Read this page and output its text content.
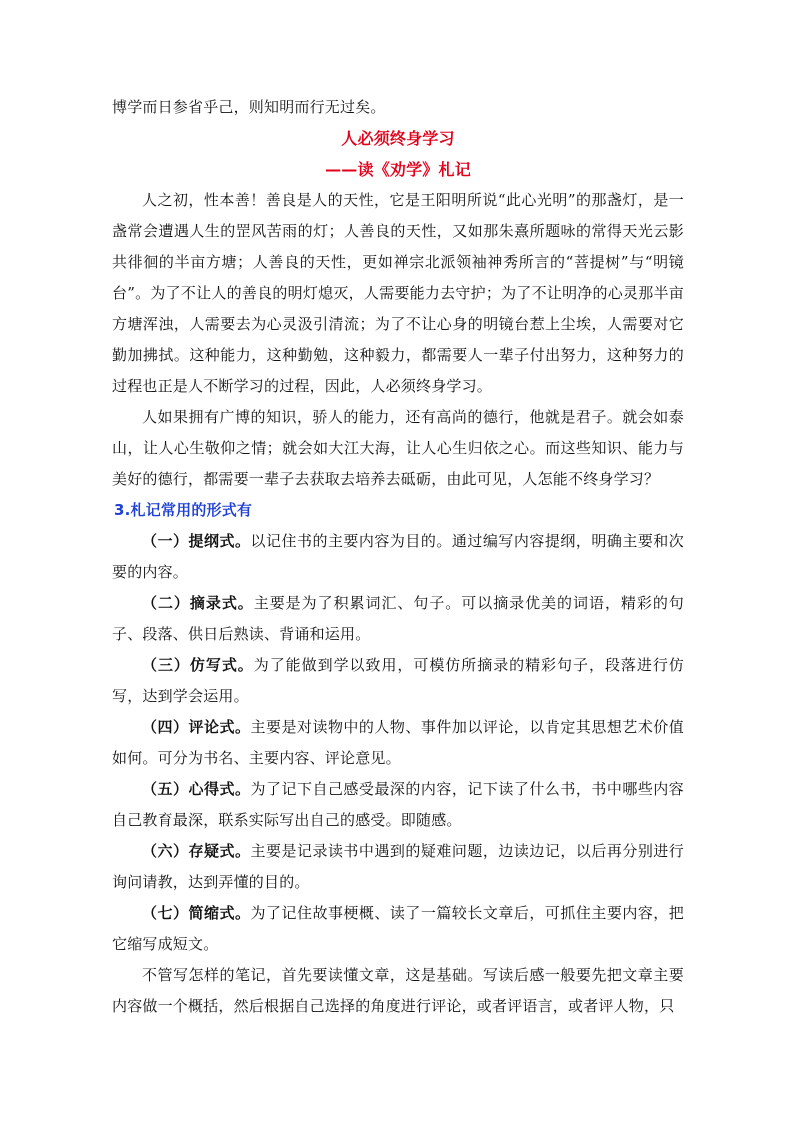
博学而日参省乎己，则知明而行无过矣。

人必须终身学习

——读《劝学》札记

人之初，性本善！善良是人的天性，它是王阳明所说“此心光明”的那盏灯，是一盏常会遭遇人生的罡风苦雨的灯；人善良的天性，又如那朱熹所题咏的常得天光云影共徘徊的半亩方塘；人善良的天性，更如禅宗北派领袖神秀所言的“菩提树”与“明镜台”。为了不让人的善良的明灯熄灭，人需要能力去守护；为了不让明净的心灵那半亩方塘浑浊，人需要去为心灵汲引清流；为了不让心身的明镜台惹上尘埃，人需要对它勤加拂拭。这种能力，这种勤勉，这种毅力，都需要人一辈子付出努力，这种努力的过程也正是人不断学习的过程，因此，人必须终身学习。

人如果拥有广博的知识，骄人的能力，还有高尚的德行，他就是君子。就会如泰山，让人心生敬仰之情；就会如大江大海，让人心生归依之心。而这些知识、能力与美好的德行，都需要一辈子去获取去培养去砥砺，由此可见，人怎能不终身学习？

3.札记常用的形式有

（一）提纲式。以记住书的主要内容为目的。通过编写内容提纲，明确主要和次要的内容。

（二）摘录式。主要是为了积累词汇、句子。可以摘录优美的词语，精彩的句子、段落、供日后熟读、背诵和运用。

（三）仿写式。为了能做到学以致用，可模仿所摘录的精彩句子，段落进行仿写，达到学会运用。

（四）评论式。主要是对读物中的人物、事件加以评论，以肯定其思想艺术价值如何。可分为书名、主要内容、评论意见。

（五）心得式。为了记下自己感受最深的内容，记下读了什么书，书中哪些内容自己教育最深，联系实际写出自己的感受。即随感。

（六）存疑式。主要是记录读书中遇到的疑难问题，边读边记，以后再分别进行询问请教，达到弄懂的目的。

（七）简缩式。为了记住故事梗概、读了一篇较长文章后，可抓住主要内容，把它缩写成短文。

不管写怎样的笔记，首先要读懂文章，这是基础。写读后感一般要先把文章主要内容做一个概括，然后根据自己选择的角度进行评论，或者评语言，或者评人物，只
